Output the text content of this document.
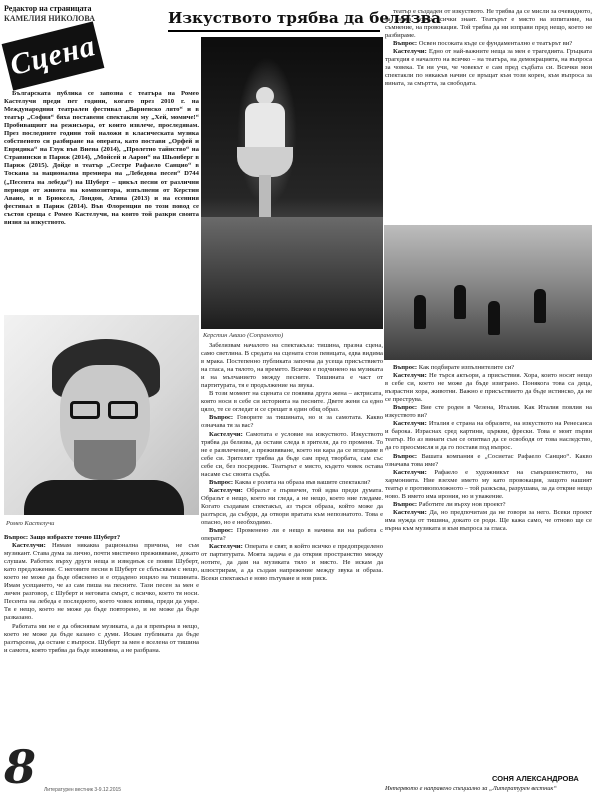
Редактор на страницата
КАМЕЛИЯ НИКОЛОВА
Сцена
Изкуството трябва да белязва

Българската публика се запозна с театъра на Ромео Кастелучи преди пет години, когато през 2010 г. на Международния театрален фестивал „Варненско лято“ и в театър „София“ бяха поставени спектакли му „Хей, момиче!“ Пробиващият на режисьора, от които извлече, проследявам. През последните години той наложи в класическата музика собственото си разбиране на операта, като постави „Орфей и Евридика“ на Глук във Виена (2014), „Пролетно тайнство“ на Стравински в Париж (2014), „Мойсей и Аарон“ на Шьонберг в Париж (2015). Дойде в театър „Сестре Рафаело Санцио“ в Тоскана за национална премиера на „Лебедова песен“ D744 („Песента на лебеда“) на Шуберт – цикъл песни от различни периоди от живота на композитора, изпълнени от Керстин Аваио, и в Брюксел, Лондон, Атина (2013) и на есенния фестивал в Париж (2014). Във Флоренция по този повод се състоя среща с Ромео Кастелучи, на която той разкри своята визия за изкуството.

Керстин Аваио (Сопраното)
Ромео Кастелучи

Въпрос: Защо избрахте точно Шуберт?

Кастелучи: Нямам някаква рационална причина, не съм музикант. Става дума за лично, почти мистично преживяване, докато слушам. Работих върху други неща и изведнъж се появи Шуберт, като предложение. С неговите песни в Шуберт се сблъсквам с нещо, което не може да бъде обяснено и е отдадено изцяло на тишината. Имам усещането, че аз сам пиша на песните. Тази песен за мен е личен разговор, с Шуберт и неговата смърт, с всичко, което тя носи. Песента на лебеда е последното, което човек изпява, преди да умре. Тя е нещо, което не може да бъде повторено, и не може да бъде разказано.

Работата ми не е да обяснявам музиката, а да я превърна в нещо, което не може да бъде казано с думи. Искам публиката да бъде разтърсена, да остане с въпроси. Шуберт за мен е вселена от тишина и самота, която трябва да бъде изживяна, а не разбрана.

Забелязвам началото на спектакъла: тишина, празна сцена, само светлина. В средата на сцената стои певицата, едва видима в мрака. Постепенно публиката започва да усеща присъствието на гласа, на тялото, на времето. Всичко е подчинено на музиката и на мълчанието между песните. Тишината е част от партитурата, тя е продължение на звука.

В този момент на сцената се появява друга жена – актрисата, която носи в себе си историята на песните. Двете жени са едно цяло, те се огледат и се срещат в един общ образ.

Въпрос: Говорите за тишината, но и за самотата. Какво означава тя за вас?

Кастелучи: Самотата е условие на изкуството. Изкуството трябва да белязва, да оставя следа в зрителя, да го променя. То не е развлечение, а преживяване, което ни кара да се вгледаме в себе си. Зрителят трябва да бъде сам пред творбата, сам със себе си, без посредник. Театърът е място, където човек остава насаме със своята съдба.

Въпрос: Каква е ролята на образа във вашите спектакли?

Кастелучи: Образът е първичен, той идва преди думата. Образът е нещо, което ни гледа, а не нещо, което ние гледаме. Когато създавам спектакъл, аз търся образа, който може да разтърси, да събуди, да отвори вратата към непознатото. Това е опасно, но е необходимо.

Въпрос: Променено ли е нещо в начина ви на работа с операта?

Кастелучи: Операта е свят, в който всичко е предопределено от партитурата. Моята задача е да открия пространство между нотите, да дам на музиката тяло и място. Не искам да илюстрирам, а да създам напрежение между звука и образа. Всеки спектакъл е ново пътуване и нов риск.

театър е създаден от изкуството. Не трябва да се мисли за очевидното, за онова, което всички знаят. Театърът е място на изпитание, на съмнение, на провокация. Той трябва да ни изправи пред нещо, което не разбираме.

Въпрос: Освен посоката къде се фундаментално е театърът ви?

Кастелучи: Едно от най-важните неща за мен е трагедията. Гръцката трагедия е началото на всичко – на театъра, на демокрацията, на въпроса за човека. Тя ни учи, че човекът е сам пред съдбата си. Всички мои спектакли по някакъв начин се връщат към този корен, към въпроса за вината, за смъртта, за свободата.

Въпрос: Как подбирате изпълнителите си?

Кастелучи: Не търся актьори, а присъствия. Хора, които носят нещо в себе си, което не може да бъде изиграно. Понякога това са деца, възрастни хора, животни. Важно е присъствието да бъде истинско, да не се преструва.

Въпрос: Вие сте роден в Чезена, Италия. Как Италия повлия на изкуството ви?

Кастелучи: Италия е страна на образите, на изкуството на Ренесанса и барока. Израснах сред картини, църкви, фрески. Това е моят първи театър. Но аз винаги съм се опитвал да се освободя от това наследство, да го преосмисля и да го поставя под въпрос.

Въпрос: Вашата компания е „Сосиетас Рафаело Санцио“. Какво означава това име?

Кастелучи: Рафаело е художникът на съвършенството, на хармонията. Ние взехме името му като провокация, защото нашият театър е противоположното – той разкъсва, разрушава, за да открие нещо ново. В името има ирония, но и уважение.

Въпрос: Работите ли върху нов проект?

Кастелучи: Да, но предпочитам да не говоря за него. Всеки проект има нужда от тишина, докато се роди. Ще кажа само, че отново ще се върна към музиката и към въпроса за гласа.

СОНЯ АЛЕКСАНДРОВА
Интервюто е направено специално за „Литературен вестник“
8 Литературен вестник 3-9.12.2015
